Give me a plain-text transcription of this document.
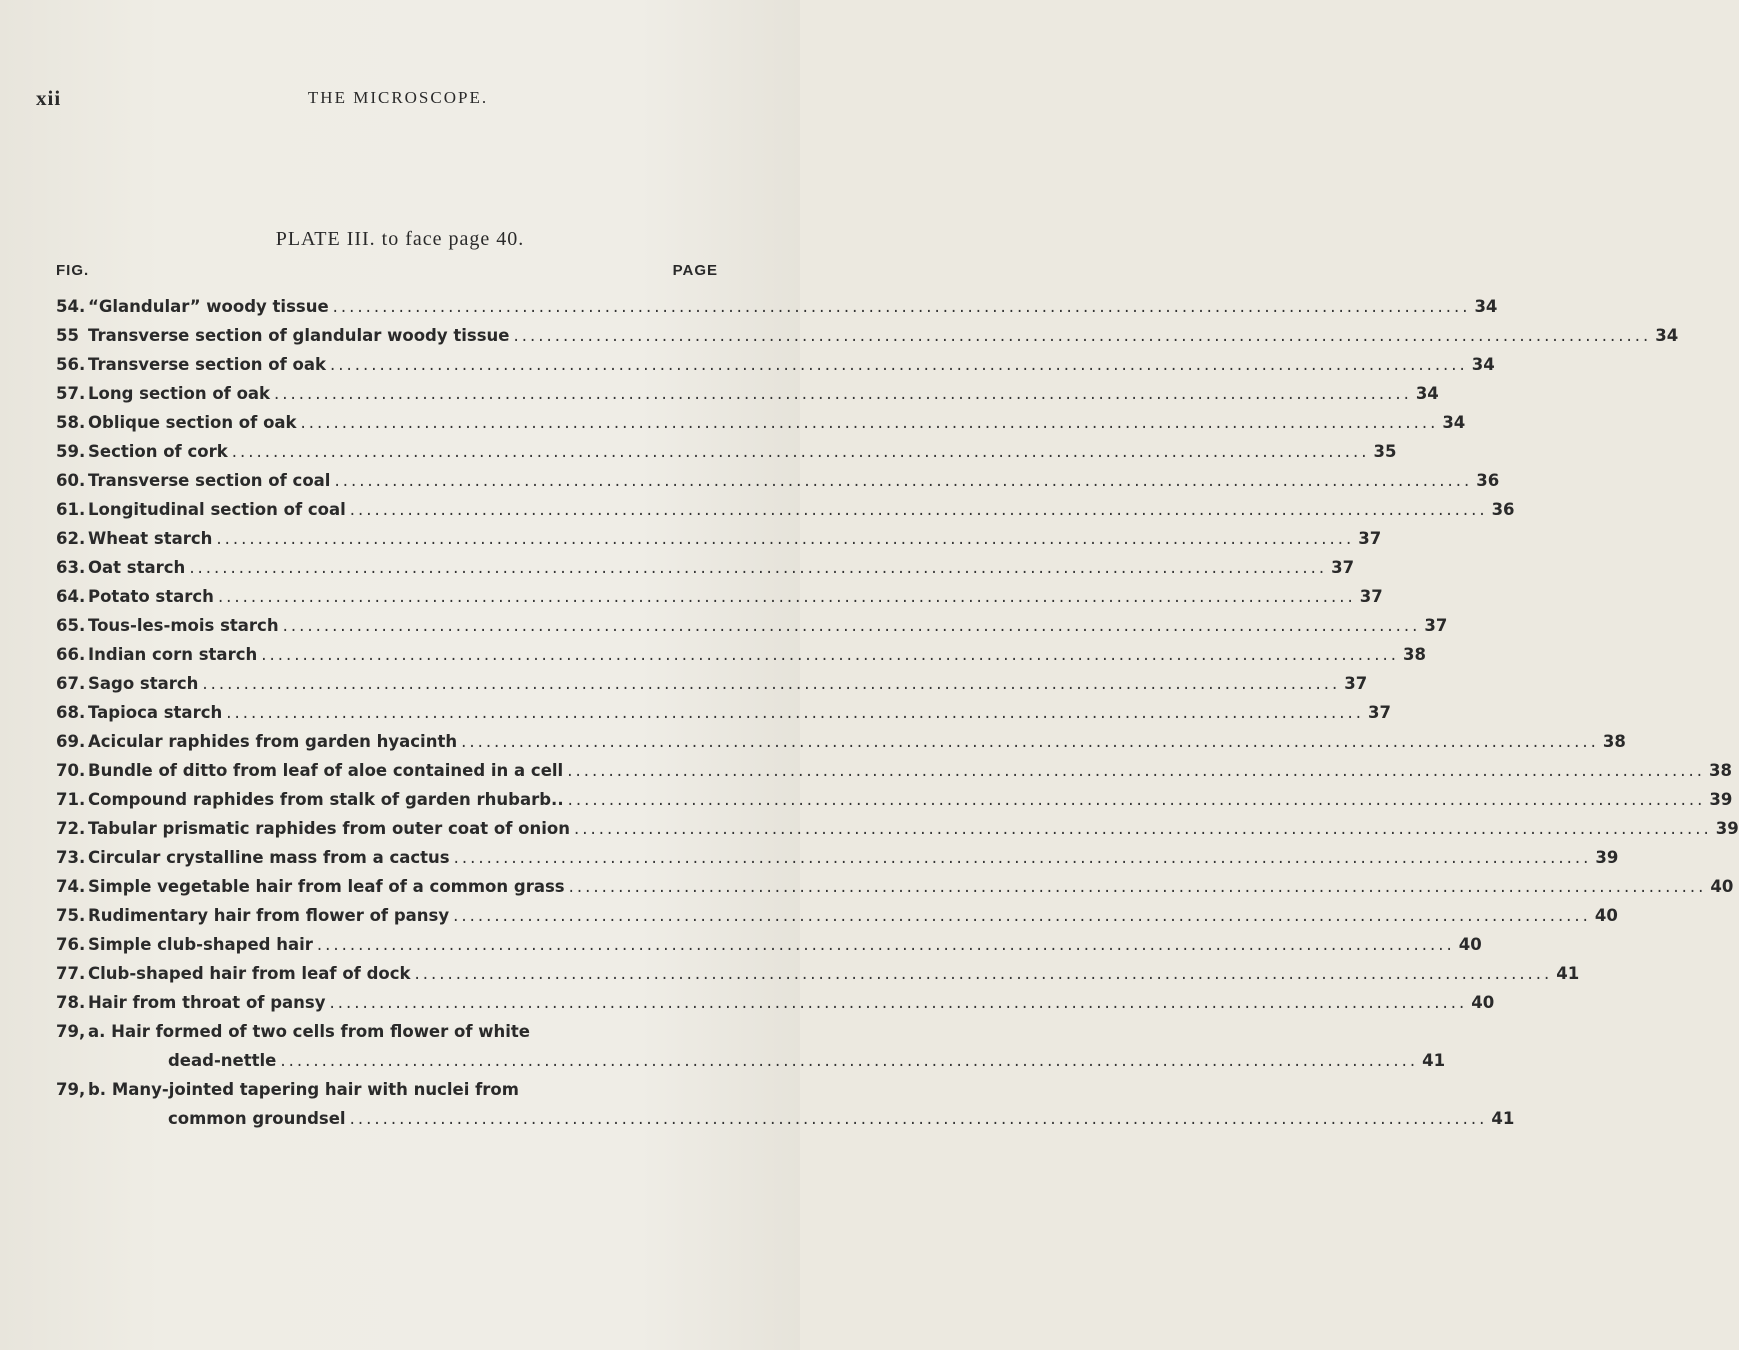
xii	THE MICROSCOPE.
PLATE III. to face page 40.
FIG.	PAGE
54. “Glandular” woody tissue .....	34
55 Transverse section of glandular woody tissue .....	34
56. Transverse section of oak .....	34
57. Long section of oak .....	34
58. Oblique section of oak .....	34
59. Section of cork .....	35
60. Transverse section of coal .....	36
61. Longitudinal section of coal .....	36
62. Wheat starch .....	37
63. Oat starch .....	37
64. Potato starch .....	37
65. Tous-les-mois starch .....	37
66. Indian corn starch .....	38
67. Sago starch .....	37
68. Tapioca starch .....	37
69. Acicular raphides from garden hyacinth .....	38
70. Bundle of ditto from leaf of aloe contained in a cell .....	38
71. Compound raphides from stalk of garden rhubarb.. .....	39
72. Tabular prismatic raphides from outer coat of onion .....	39
73. Circular crystalline mass from a cactus .....	39
74. Simple vegetable hair from leaf of a common grass .....	40
75. Rudimentary hair from flower of pansy .....	40
76. Simple club-shaped hair .....	40
77. Club-shaped hair from leaf of dock .....	41
78. Hair from throat of pansy .....	40
79, a. Hair formed of two cells from flower of white
dead-nettle .....	41
79, b. Many-jointed tapering hair with nuclei from
common groundsel .....	41
